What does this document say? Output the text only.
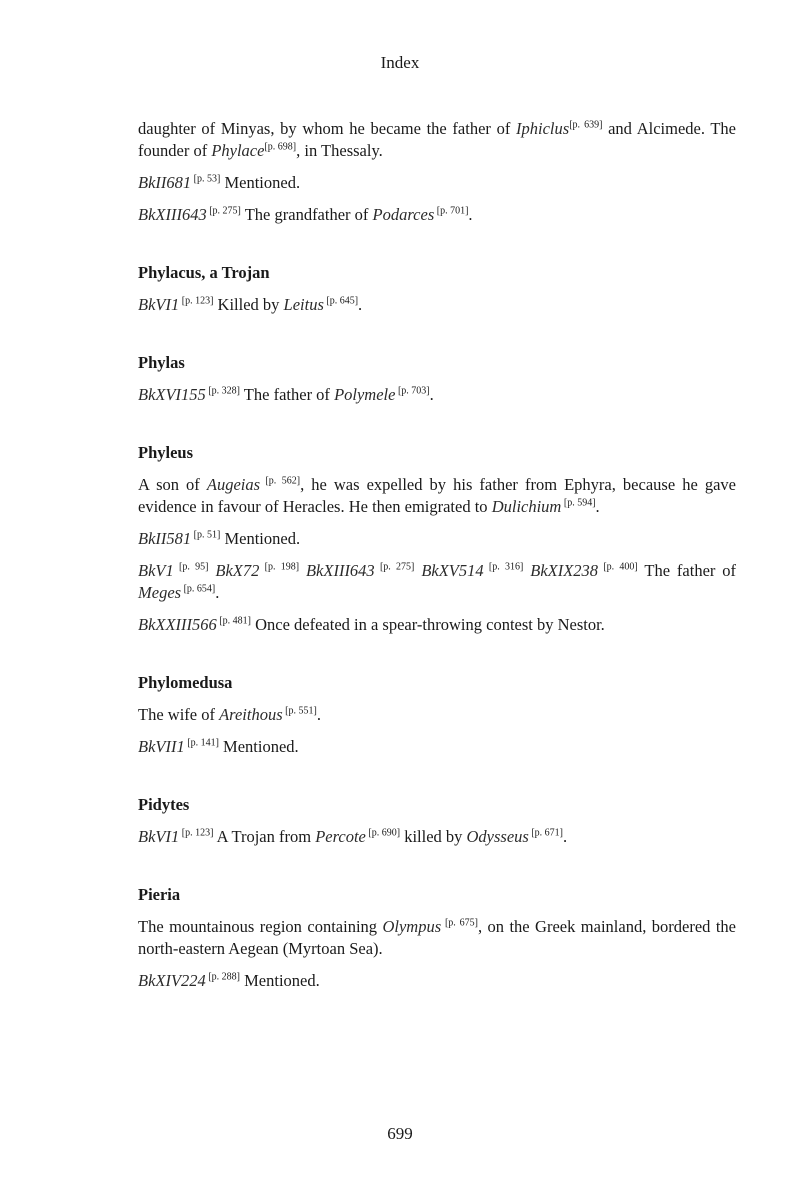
Index

daughter of Minyas, by whom he became the father of Iphiclus[p. 639] and Alcimede. The founder of Phylace[p. 698], in Thessaly.

BkII681 [p. 53] Mentioned.

BkXIII643 [p. 275] The grandfather of Podarces [p. 701].

Phylacus, a Trojan

BkVI1 [p. 123] Killed by Leitus [p. 645].

Phylas

BkXVI155 [p. 328] The father of Polymele [p. 703].

Phyleus

A son of Augeias [p. 562], he was expelled by his father from Ephyra, because he gave evidence in favour of Heracles. He then emigrated to Dulichium [p. 594].

BkII581 [p. 51] Mentioned.

BkV1 [p. 95] BkX72 [p. 198] BkXIII643 [p. 275] BkXV514 [p. 316] BkXIX238 [p. 400] The father of Meges [p. 654].

BkXXIII566 [p. 481] Once defeated in a spear-throwing contest by Nestor.

Phylomedusa

The wife of Areithous [p. 551].

BkVII1 [p. 141] Mentioned.

Pidytes

BkVI1 [p. 123] A Trojan from Percote [p. 690] killed by Odysseus [p. 671].

Pieria

The mountainous region containing Olympus [p. 675], on the Greek mainland, bordered the north-eastern Aegean (Myrtoan Sea).

BkXIV224 [p. 288] Mentioned.

699
